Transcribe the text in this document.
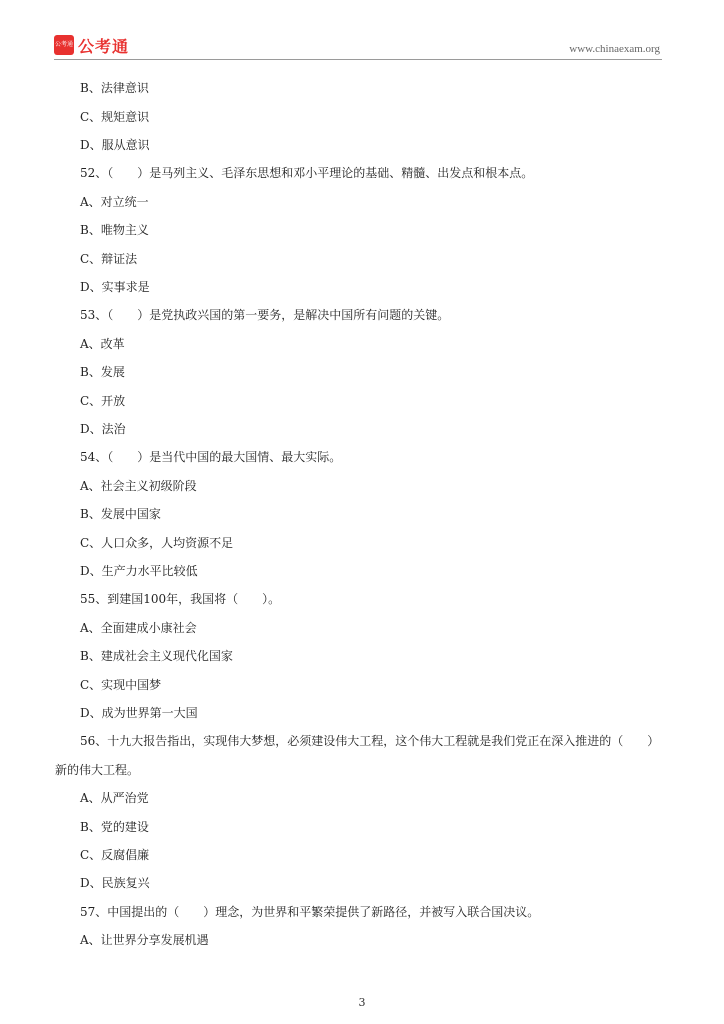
公考通 公考通	www.chinaexam.org
B、法律意识
C、规矩意识
D、服从意识
52、（　　）是马列主义、毛泽东思想和邓小平理论的基础、精髓、出发点和根本点。
A、对立统一
B、唯物主义
C、辩证法
D、实事求是
53、（　　）是党执政兴国的第一要务，是解决中国所有问题的关键。
A、改革
B、发展
C、开放
D、法治
54、（　　）是当代中国的最大国情、最大实际。
A、社会主义初级阶段
B、发展中国家
C、人口众多，人均资源不足
D、生产力水平比较低
55、到建国100年，我国将（　　）。
A、全面建成小康社会
B、建成社会主义现代化国家
C、实现中国梦
D、成为世界第一大国
56、十九大报告指出，实现伟大梦想，必须建设伟大工程，这个伟大工程就是我们党正在深入推进的（　　）
新的伟大工程。
A、从严治党
B、党的建设
C、反腐倡廉
D、民族复兴
57、中国提出的（　　）理念，为世界和平繁荣提供了新路径，并被写入联合国决议。
A、让世界分享发展机遇
3
